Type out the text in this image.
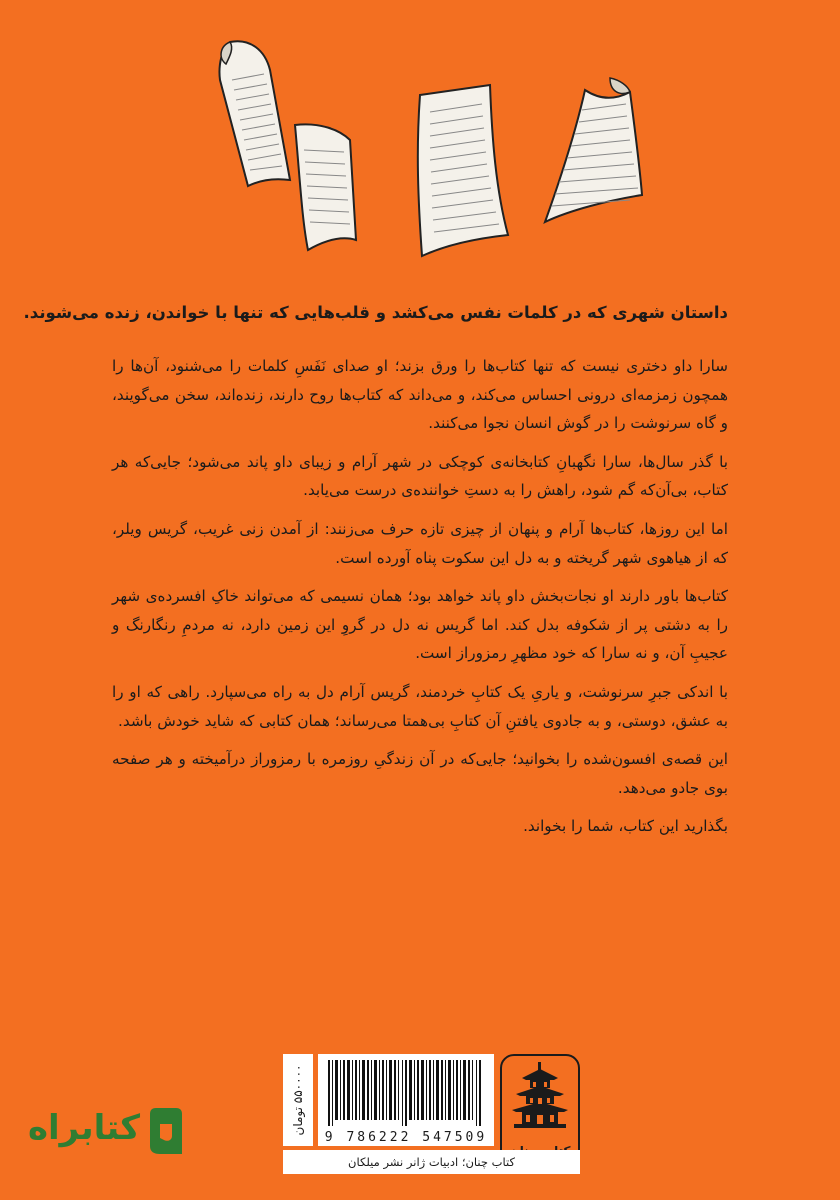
داستان شهری که در کلمات نفس می‌کشد و قلب‌هایی که تنها با خواندن، زنده می‌شوند.

سارا داو دختری نیست که تنها کتاب‌ها را ورق بزند؛ او صدای نَفَسِ کلمات را می‌شنود، آن‌ها را همچون زمزمه‌ای درونی احساس می‌کند، و می‌داند که کتاب‌ها روح دارند، زنده‌اند، سخن می‌گویند، و گاه سرنوشت را در گوش انسان نجوا می‌کنند.

با گذر سال‌ها، سارا نگهبانِ کتابخانه‌ی کوچکی در شهر آرام و زیبای داو پاند می‌شود؛ جایی‌که هر کتاب، بی‌آن‌که گم شود، راهش را به دستِ خواننده‌ی درست می‌یابد.

اما این روزها، کتاب‌ها آرام و پنهان از چیزی تازه حرف می‌زنند: از آمدن زنی غریب، گریس ویلر، که از هیاهوی شهر گریخته و به دل این سکوت پناه آورده است.

کتاب‌ها باور دارند او نجات‌بخش داو پاند خواهد بود؛ همان نسیمی که می‌تواند خاکِ افسرده‌ی شهر را به دشتی پر از شکوفه بدل کند. اما گریس نه دل در گروِ این زمین دارد، نه مردمِ رنگارنگ و عجیبِ آن، و نه سارا که خود مظهرِ رمزوراز است.

با اندکی جبرِ سرنوشت، و یاریِ یک کتابِ خردمند، گریس آرام دل به راه می‌سپارد. راهی که او را به عشق، دوستی، و به جادوی یافتنِ آن کتابِ بی‌همتا می‌رساند؛ همان کتابی که شاید خودش باشد.

این قصه‌ی افسون‌شده را بخوانید؛ جایی‌که در آن زندگیِ روزمره با رمزوراز درآمیخته و هر صفحه بوی جادو می‌دهد.

بگذارید این کتاب، شما را بخواند.

۵۵۰۰۰۰ تومان
9 786222 547509
کتاب چنان؛ ادبیات ژانر نشر میلکان
کتابراه
